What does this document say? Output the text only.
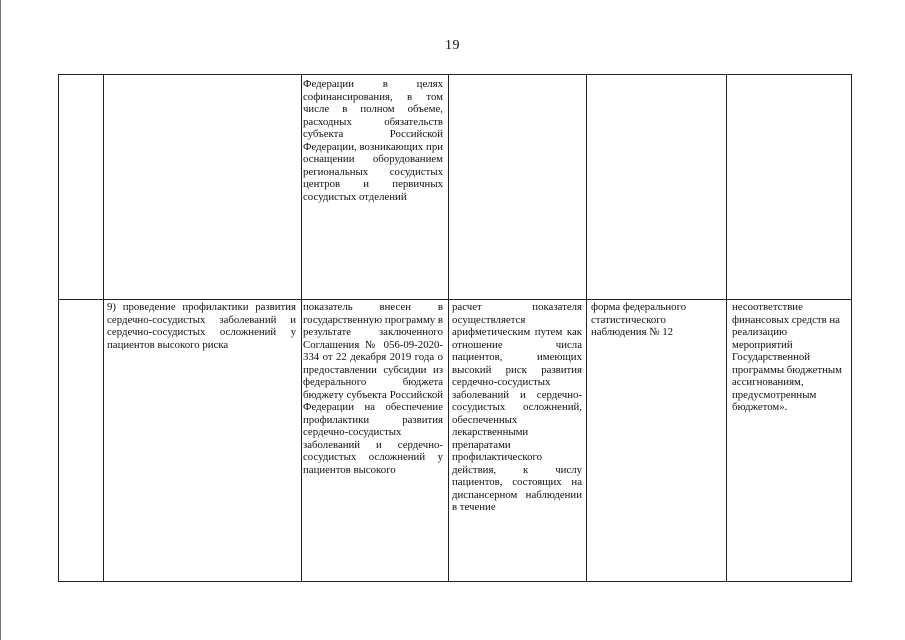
19
Федерации в целях софинансирования, в том числе в полном объеме, расходных обязательств субъекта Российской Федерации, возникающих при оснащении оборудованием региональных сосудистых центров и первичных сосудистых отделений
9) проведение профилактики развития сердечно-сосудистых заболеваний и сердечно-сосудистых осложнений у пациентов высокого риска
показатель внесен в государственную программу в результате заключенного Соглашения № 056-09-2020-334 от 22 декабря 2019 года о предоставлении субсидии из федерального бюджета бюджету субъекта Российской Федерации на обеспечение профилактики развития сердечно-сосудистых заболеваний и сердечно-сосудистых осложнений у пациентов высокого
расчет показателя осуществляется арифметическим путем как отношение числа пациентов, имеющих высокий риск развития сердечно-сосудистых заболеваний и сердечно-сосудистых осложнений, обеспеченных лекарственными препаратами профилактического действия, к числу пациентов, состоящих на диспансерном наблюдении в течение
форма федерального статистического наблюдения № 12
несоответствие финансовых средств на реализацию мероприятий Государственной программы бюджетным ассигнованиям, предусмотренным бюджетом».
